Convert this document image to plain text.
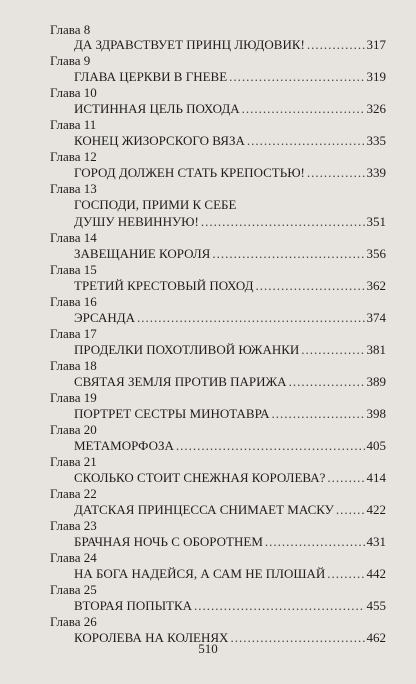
Глава 8
ДА ЗДРАВСТВУЕТ ПРИНЦ ЛЮДОВИК! .....	317
Глава 9
ГЛАВА ЦЕРКВИ В ГНЕВЕ .....	319
Глава 10
ИСТИННАЯ ЦЕЛЬ ПОХОДА .....	326
Глава 11
КОНЕЦ ЖИЗОРСКОГО ВЯЗА .....	335
Глава 12
ГОРОД ДОЛЖЕН СТАТЬ КРЕПОСТЬЮ! .....	339
Глава 13
ГОСПОДИ, ПРИМИ К СЕБЕ
ДУШУ НЕВИННУЮ! .....	351
Глава 14
ЗАВЕЩАНИЕ КОРОЛЯ .....	356
Глава 15
ТРЕТИЙ КРЕСТОВЫЙ ПОХОД .....	362
Глава 16
ЭРСАНДА .....	374
Глава 17
ПРОДЕЛКИ ПОХОТЛИВОЙ ЮЖАНКИ .....	381
Глава 18
СВЯТАЯ ЗЕМЛЯ ПРОТИВ ПАРИЖА .....	389
Глава 19
ПОРТРЕТ СЕСТРЫ МИНОТАВРА .....	398
Глава 20
МЕТАМОРФОЗА .....	405
Глава 21
СКОЛЬКО СТОИТ СНЕЖНАЯ КОРОЛЕВА? .....	414
Глава 22
ДАТСКАЯ ПРИНЦЕССА СНИМАЕТ МАСКУ .....	422
Глава 23
БРАЧНАЯ НОЧЬ С ОБОРОТНЕМ .....	431
Глава 24
НА БОГА НАДЕЙСЯ, А САМ НЕ ПЛОШАЙ .....	442
Глава 25
ВТОРАЯ ПОПЫТКА .....	455
Глава 26
КОРОЛЕВА НА КОЛЕНЯХ .....	462
510
